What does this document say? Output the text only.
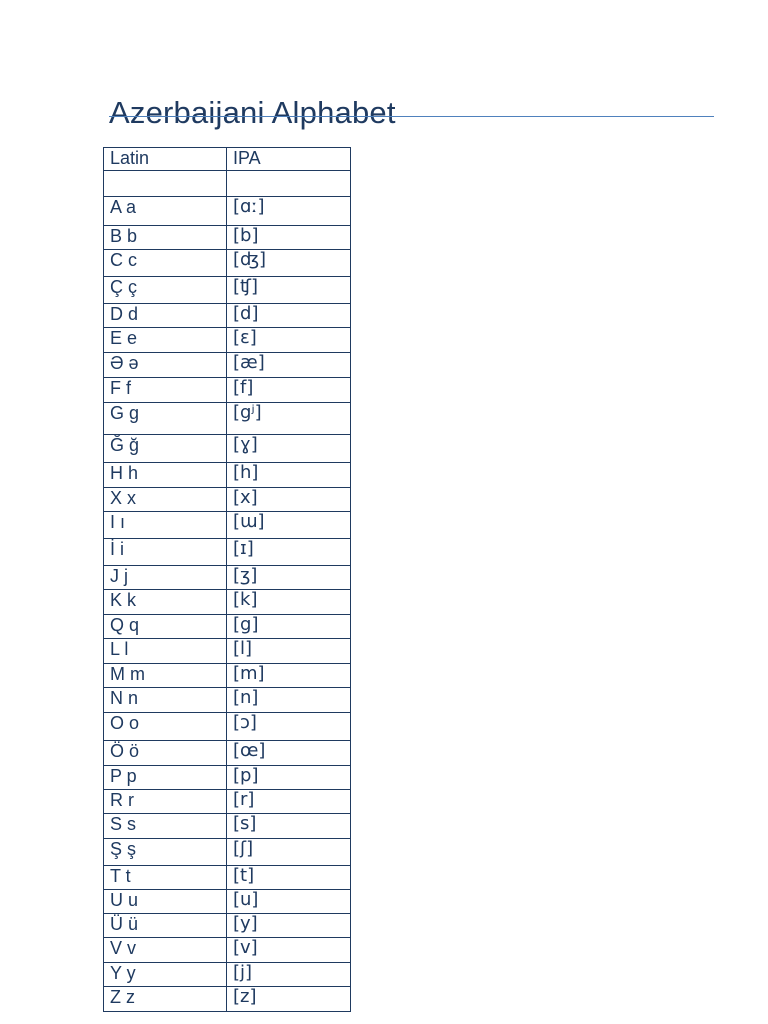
Azerbaijani Alphabet
Latin	IPA

A a	[ɑː]
B b	[b]
C c	[ʤ]
Ç ç	[ʧ]
D d	[d]
E e	[ɛ]
Ə ə	[æ]
F f	[f]
G g	[gʲ]
Ğ ğ	[ɣ]
H h	[h]
X x	[x]
I ı	[ɯ]
İ i	[ɪ]
J j	[ʒ]
K k	[k]
Q q	[g]
L l	[l]
M m	[m]
N n	[n]
O o	[ɔ]
Ö ö	[œ]
P p	[p]
R r	[r]
S s	[s]
Ş ş	[ʃ]
T t	[t]
U u	[u]
Ü ü	[y]
V v	[v]
Y y	[j]
Z z	[z]
